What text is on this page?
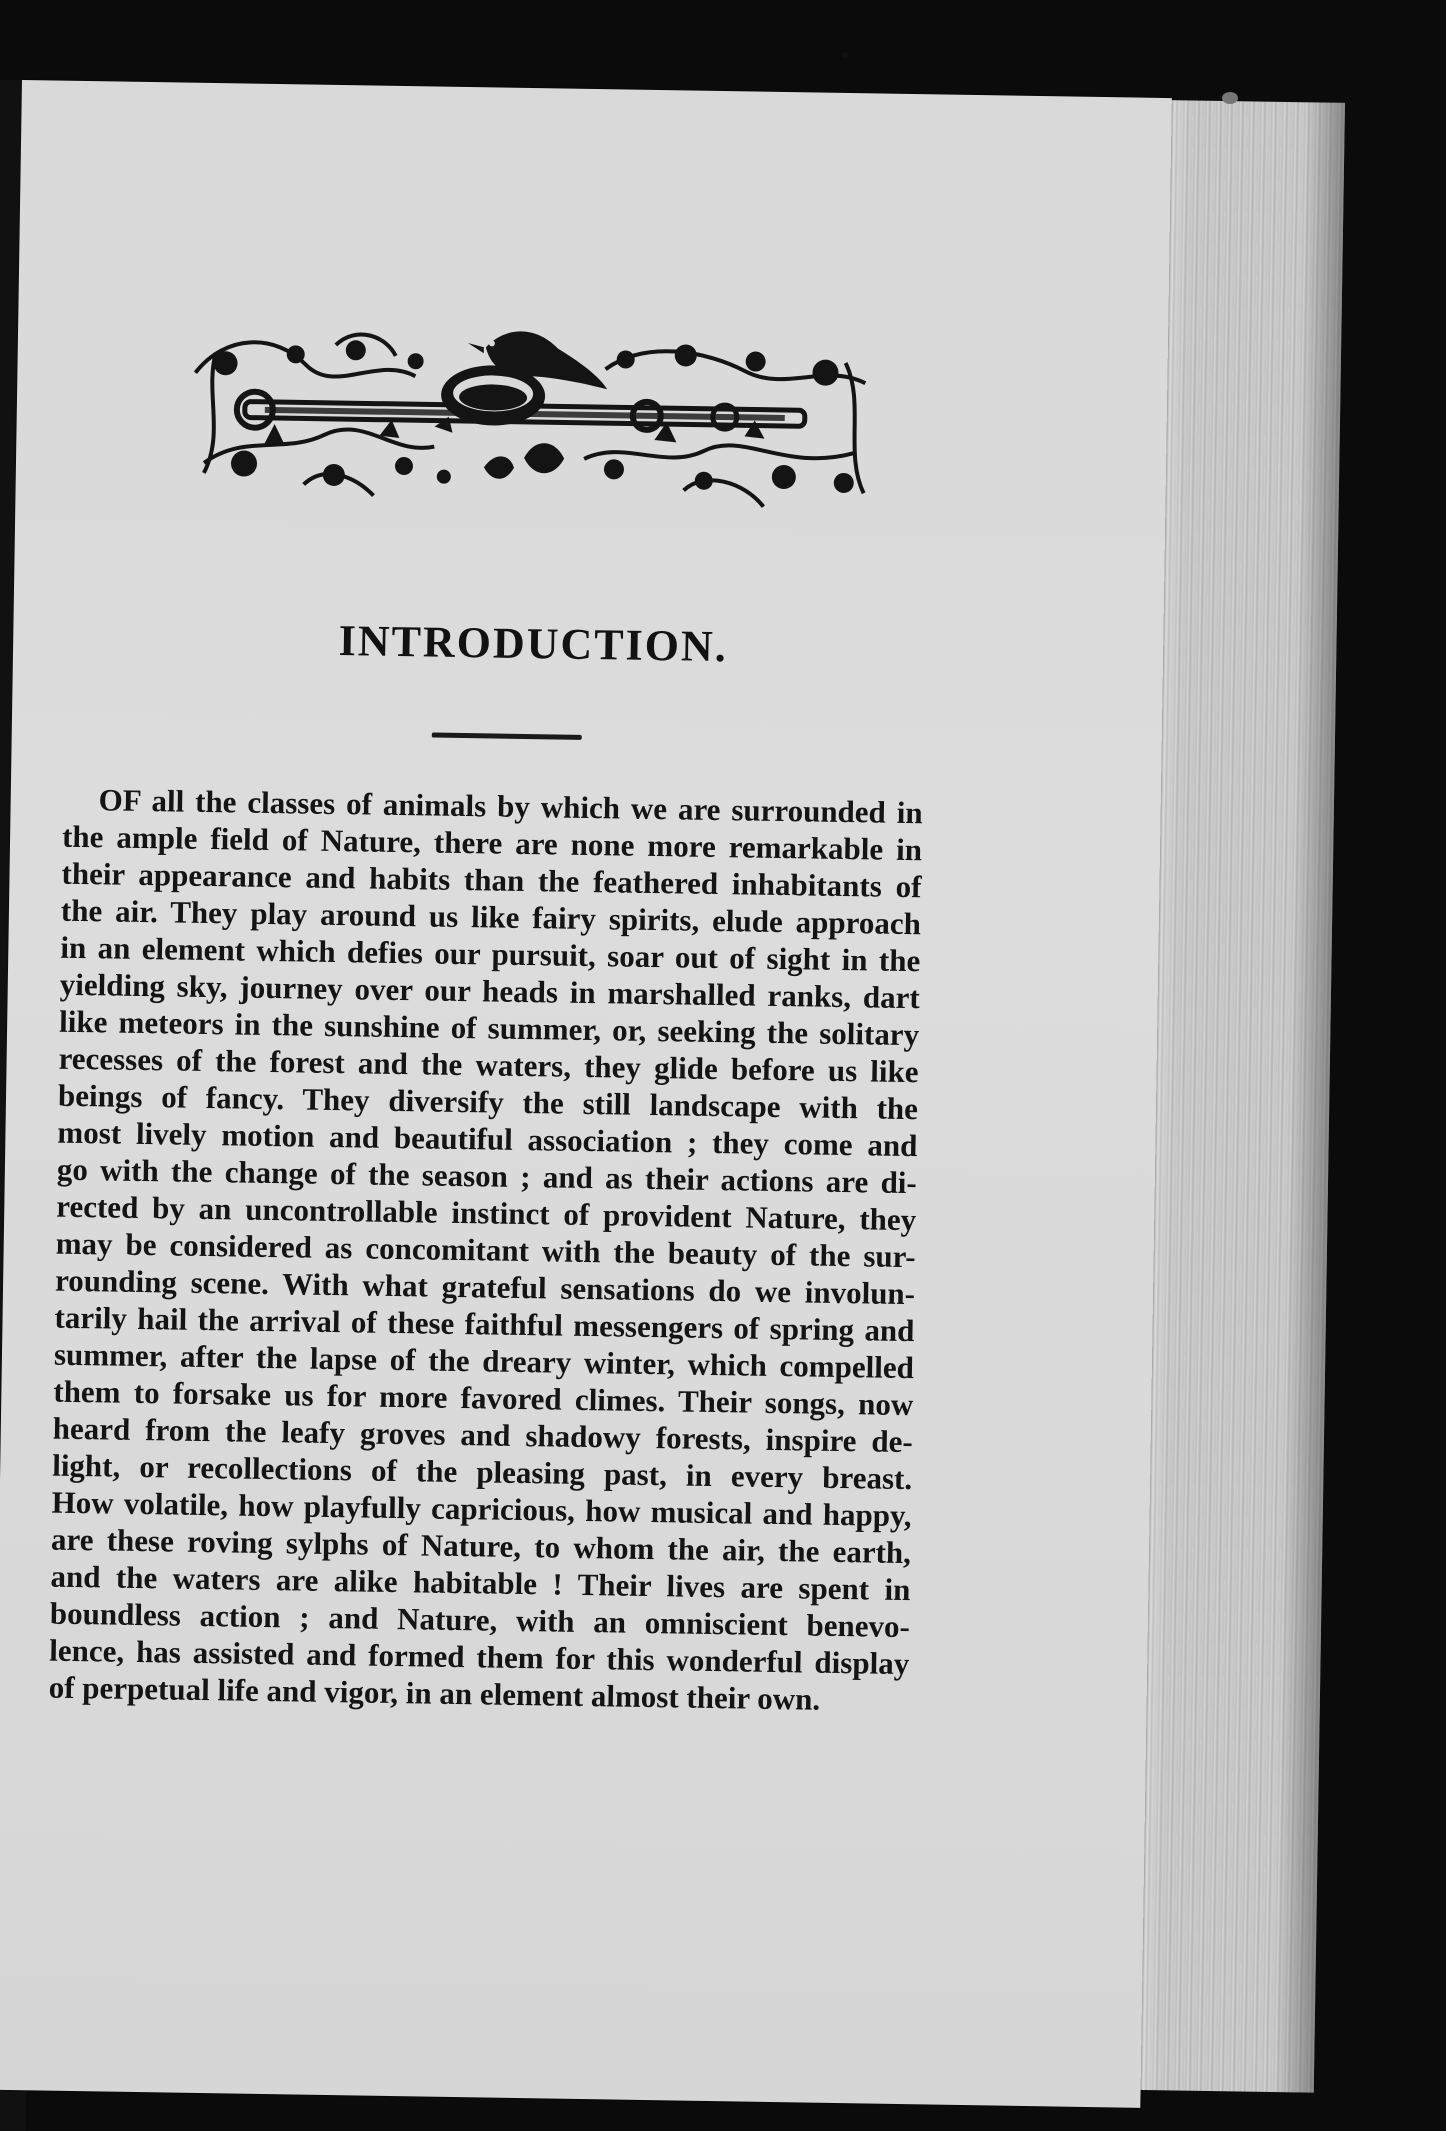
INTRODUCTION.
OF all the classes of animals by which we are surrounded in
the ample field of Nature, there are none more remarkable in
their appearance and habits than the feathered inhabitants of
the air. They play around us like fairy spirits, elude approach
in an element which defies our pursuit, soar out of sight in the
yielding sky, journey over our heads in marshalled ranks, dart
like meteors in the sunshine of summer, or, seeking the solitary
recesses of the forest and the waters, they glide before us like
beings of fancy. They diversify the still landscape with the
most lively motion and beautiful association ; they come and
go with the change of the season ; and as their actions are di-
rected by an uncontrollable instinct of provident Nature, they
may be considered as concomitant with the beauty of the sur-
rounding scene. With what grateful sensations do we involun-
tarily hail the arrival of these faithful messengers of spring and
summer, after the lapse of the dreary winter, which compelled
them to forsake us for more favored climes. Their songs, now
heard from the leafy groves and shadowy forests, inspire de-
light, or recollections of the pleasing past, in every breast.
How volatile, how playfully capricious, how musical and happy,
are these roving sylphs of Nature, to whom the air, the earth,
and the waters are alike habitable ! Their lives are spent in
boundless action ; and Nature, with an omniscient benevo-
lence, has assisted and formed them for this wonderful display
of perpetual life and vigor, in an element almost their own.
